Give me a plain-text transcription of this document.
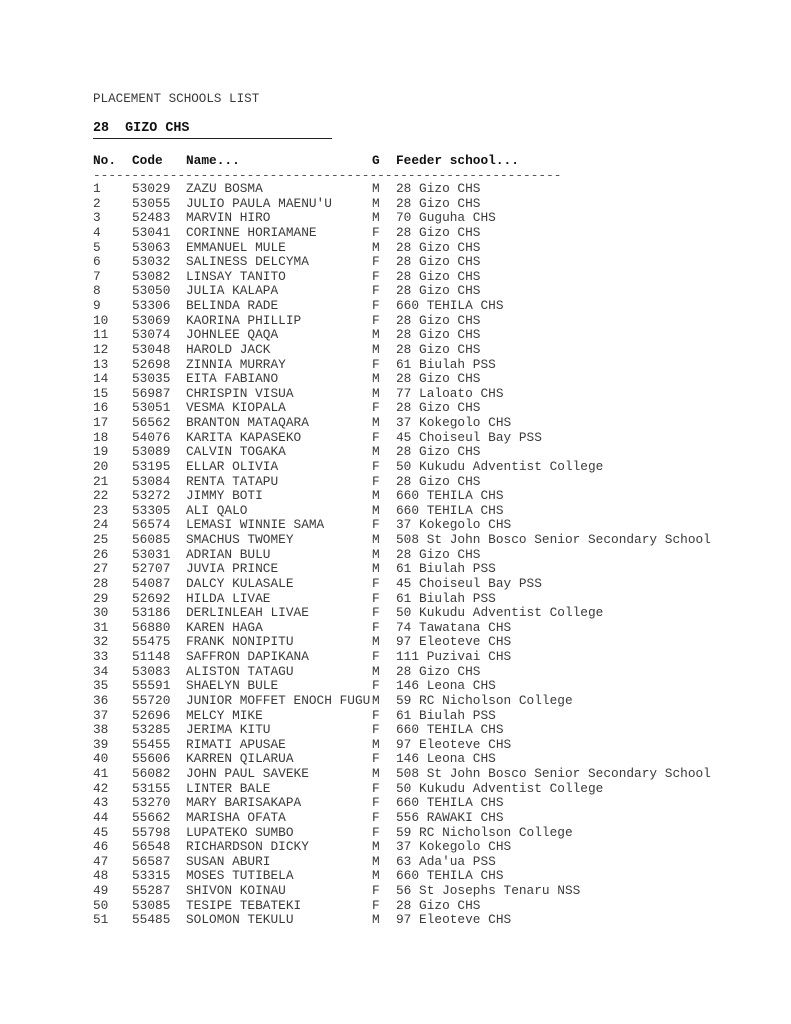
PLACEMENT SCHOOLS LIST
28  GIZO CHS
No. Code Name...	G Feeder school...
-------------------------------------------------------------
1 53029 ZAZU BOSMA	M 28 Gizo CHS
2 53055 JULIO PAULA MAENU'U	M 28 Gizo CHS
3 52483 MARVIN HIRO	M 70 Guguha CHS
4 53041 CORINNE HORIAMANE	F 28 Gizo CHS
5 53063 EMMANUEL MULE	M 28 Gizo CHS
6 53032 SALINESS DELCYMA	F 28 Gizo CHS
7 53082 LINSAY TANITO	F 28 Gizo CHS
8 53050 JULIA KALAPA	F 28 Gizo CHS
9 53306 BELINDA RADE	F 660 TEHILA CHS
10 53069 KAORINA PHILLIP	F 28 Gizo CHS
11 53074 JOHNLEE QAQA	M 28 Gizo CHS
12 53048 HAROLD JACK	M 28 Gizo CHS
13 52698 ZINNIA MURRAY	F 61 Biulah PSS
14 53035 EITA FABIANO	M 28 Gizo CHS
15 56987 CHRISPIN VISUA	M 77 Laloato CHS
16 53051 VESMA KIOPALA	F 28 Gizo CHS
17 56562 BRANTON MATAQARA	M 37 Kokegolo CHS
18 54076 KARITA KAPASEKO	F 45 Choiseul Bay PSS
19 53089 CALVIN TOGAKA	M 28 Gizo CHS
20 53195 ELLAR OLIVIA	F 50 Kukudu Adventist College
21 53084 RENTA TATAPU	F 28 Gizo CHS
22 53272 JIMMY BOTI	M 660 TEHILA CHS
23 53305 ALI QALO	M 660 TEHILA CHS
24 56574 LEMASI WINNIE SAMA	F 37 Kokegolo CHS
25 56085 SMACHUS TWOMEY	M 508 St John Bosco Senior Secondary School
26 53031 ADRIAN BULU	M 28 Gizo CHS
27 52707 JUVIA PRINCE	M 61 Biulah PSS
28 54087 DALCY KULASALE	F 45 Choiseul Bay PSS
29 52692 HILDA LIVAE	F 61 Biulah PSS
30 53186 DERLINLEAH LIVAE	F 50 Kukudu Adventist College
31 56880 KAREN HAGA	F 74 Tawatana CHS
32 55475 FRANK NONIPITU	M 97 Eleoteve CHS
33 51148 SAFFRON DAPIKANA	F 111 Puzivai CHS
34 53083 ALISTON TATAGU	M 28 Gizo CHS
35 55591 SHAELYN BULE	F 146 Leona CHS
36 55720 JUNIOR MOFFET ENOCH FUGU M 59 RC Nicholson College
37 52696 MELCY MIKE	F 61 Biulah PSS
38 53285 JERIMA KITU	F 660 TEHILA CHS
39 55455 RIMATI APUSAE	M 97 Eleoteve CHS
40 55606 KARREN QILARUA	F 146 Leona CHS
41 56082 JOHN PAUL SAVEKE	M 508 St John Bosco Senior Secondary School
42 53155 LINTER BALE	F 50 Kukudu Adventist College
43 53270 MARY BARISAKAPA	F 660 TEHILA CHS
44 55662 MARISHA OFATA	F 556 RAWAKI CHS
45 55798 LUPATEKO SUMBO	F 59 RC Nicholson College
46 56548 RICHARDSON DICKY	M 37 Kokegolo CHS
47 56587 SUSAN ABURI	M 63 Ada'ua PSS
48 53315 MOSES TUTIBELA	M 660 TEHILA CHS
49 55287 SHIVON KOINAU	F 56 St Josephs Tenaru NSS
50 53085 TESIPE TEBATEKI	F 28 Gizo CHS
51 55485 SOLOMON TEKULU	M 97 Eleoteve CHS
